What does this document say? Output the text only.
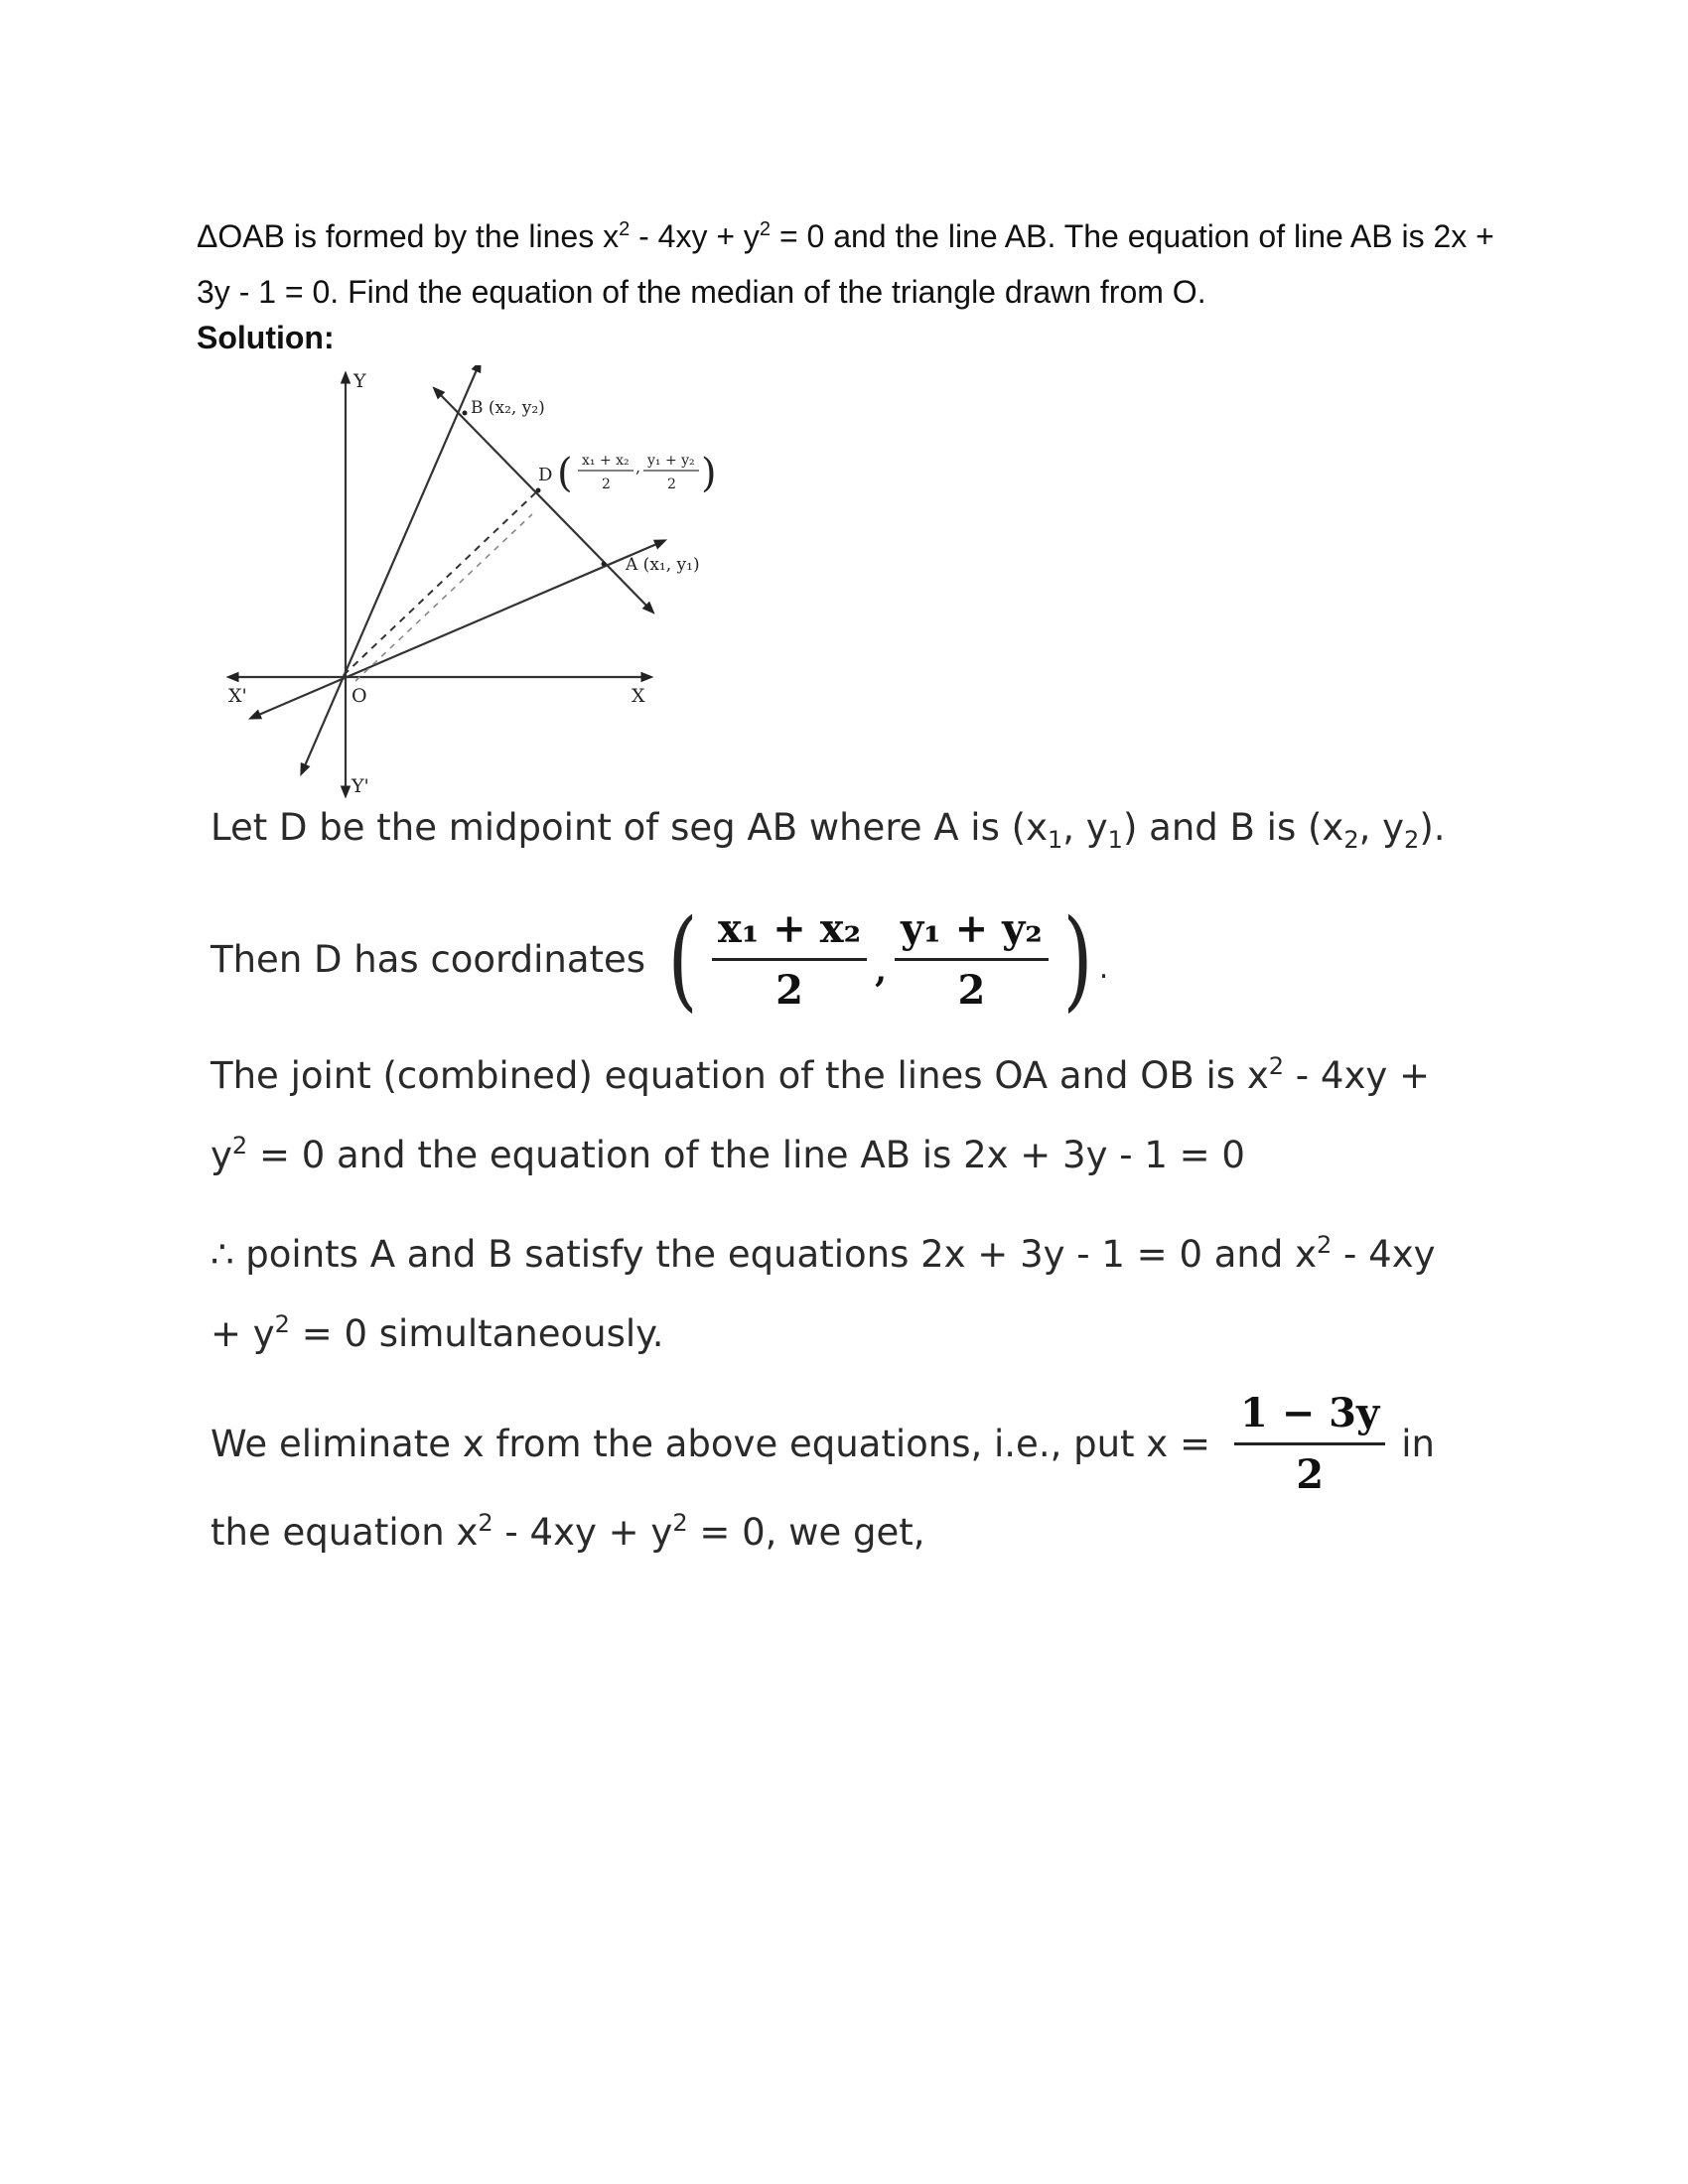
ΔOAB is formed by the lines $x^2 - 4xy + y^2 = 0$ and the line AB. The equation of line AB is 2x + 3y - 1 = 0. Find the equation of the median of the triangle drawn from O.
Solution:
Y
Y'
X
X'	O
B (x₂, y₂)
D ( x₁ + x₂
2
, y₁ + y₂
2 )
A (x₁, y₁)
Let D be the midpoint of seg AB where A is ($x_1$, $y_1$) and B is ($x_2$, $y_2$).
Then D has coordinates ( $\frac{\text{x₁ + x₂}}{2}$ , $\frac{\text{y₁ + y₂}}{2}$ ) .
The joint (combined) equation of the lines OA and OB is $x^2 - 4xy$ +
$y^2 = 0$ and the equation of the line AB is 2x + 3y - 1 = 0
∴ points A and B satisfy the equations 2x + 3y - 1 = 0 and $x^2 - 4xy$
+ $y^2 = 0$ simultaneously.
We eliminate x from the above equations, i.e., put $x = \frac{1 - 3y}{2}$ in
the equation $x^2 - 4xy + y^2 = 0$, we get,
